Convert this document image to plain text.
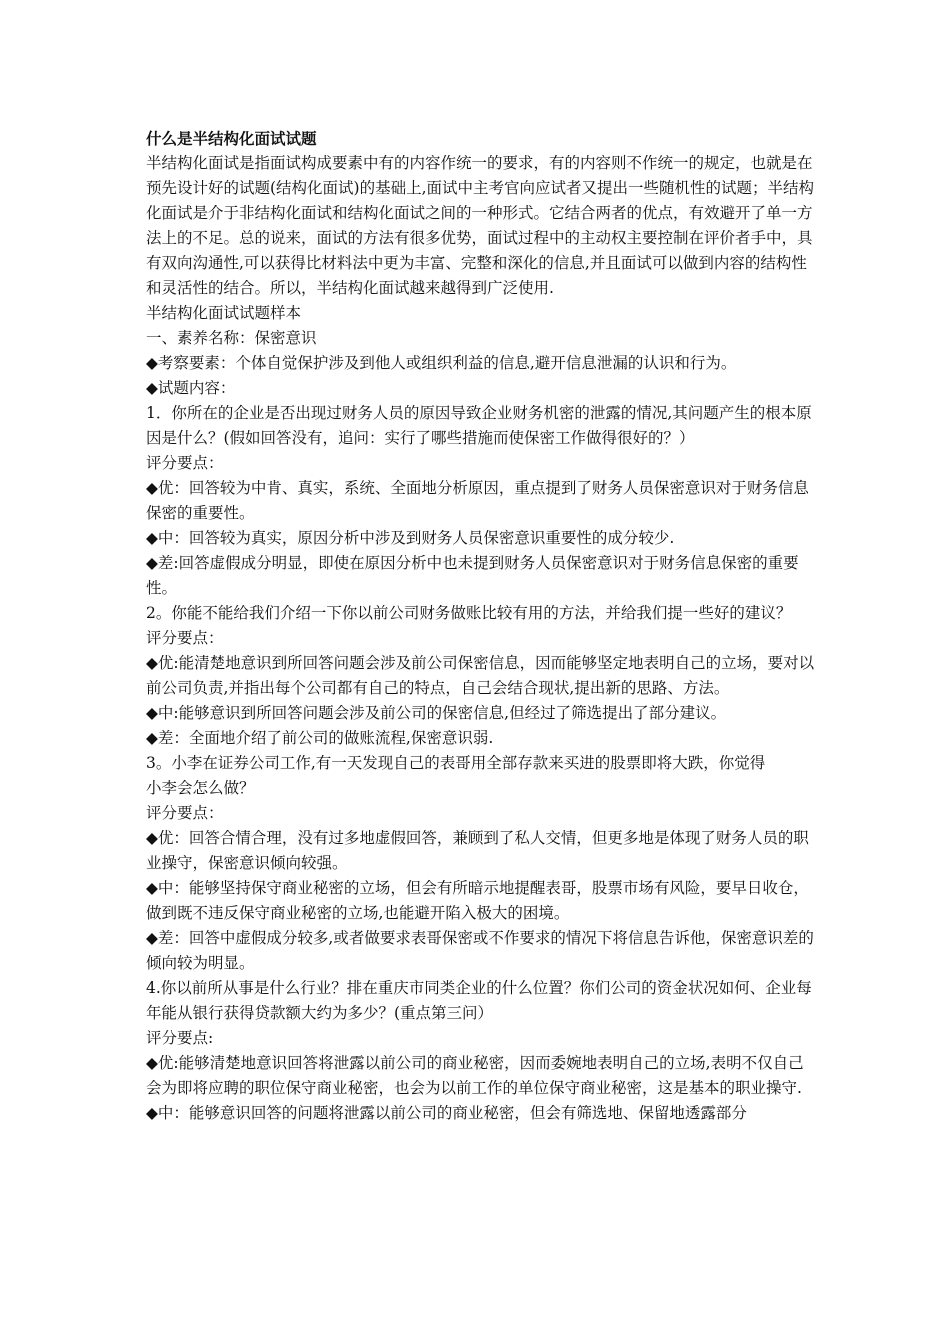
什么是半结构化面试试题

半结构化面试是指面试构成要素中有的内容作统一的要求，有的内容则不作统一的规定，也就是在预先设计好的试题(结构化面试)的基础上,面试中主考官向应试者又提出一些随机性的试题；半结构化面试是介于非结构化面试和结构化面试之间的一种形式。它结合两者的优点，有效避开了单一方法上的不足。总的说来，面试的方法有很多优势，面试过程中的主动权主要控制在评价者手中，具有双向沟通性,可以获得比材料法中更为丰富、完整和深化的信息,并且面试可以做到内容的结构性和灵活性的结合。所以，半结构化面试越来越得到广泛使用.

半结构化面试试题样本

一、素养名称：保密意识

◆考察要素：个体自觉保护涉及到他人或组织利益的信息,避开信息泄漏的认识和行为。

◆试题内容：

1．你所在的企业是否出现过财务人员的原因导致企业财务机密的泄露的情况,其问题产生的根本原因是什么？(假如回答没有，追问：实行了哪些措施而使保密工作做得很好的？）

评分要点：

◆优：回答较为中肯、真实，系统、全面地分析原因，重点提到了财务人员保密意识对于财务信息保密的重要性。

◆中：回答较为真实，原因分析中涉及到财务人员保密意识重要性的成分较少.

◆差:回答虚假成分明显，即使在原因分析中也未提到财务人员保密意识对于财务信息保密的重要性。

2。你能不能给我们介绍一下你以前公司财务做账比较有用的方法，并给我们提一些好的建议？

评分要点：

◆优:能清楚地意识到所回答问题会涉及前公司保密信息，因而能够坚定地表明自己的立场，要对以前公司负责,并指出每个公司都有自己的特点，自己会结合现状,提出新的思路、方法。

◆中:能够意识到所回答问题会涉及前公司的保密信息,但经过了筛选提出了部分建议。

◆差：全面地介绍了前公司的做账流程,保密意识弱.

3。小李在证券公司工作,有一天发现自己的表哥用全部存款来买进的股票即将大跌，你觉得

小李会怎么做？

评分要点：

◆优：回答合情合理，没有过多地虚假回答，兼顾到了私人交情，但更多地是体现了财务人员的职业操守，保密意识倾向较强。

◆中：能够坚持保守商业秘密的立场，但会有所暗示地提醒表哥，股票市场有风险，要早日收仓，做到既不违反保守商业秘密的立场,也能避开陷入极大的困境。

◆差：回答中虚假成分较多,或者做要求表哥保密或不作要求的情况下将信息告诉他，保密意识差的倾向较为明显。

4.你以前所从事是什么行业？排在重庆市同类企业的什么位置？你们公司的资金状况如何、企业每年能从银行获得贷款额大约为多少？(重点第三问）

评分要点:

◆优:能够清楚地意识回答将泄露以前公司的商业秘密，因而委婉地表明自己的立场,表明不仅自己会为即将应聘的职位保守商业秘密，也会为以前工作的单位保守商业秘密，这是基本的职业操守.

◆中：能够意识回答的问题将泄露以前公司的商业秘密，但会有筛选地、保留地透露部分
